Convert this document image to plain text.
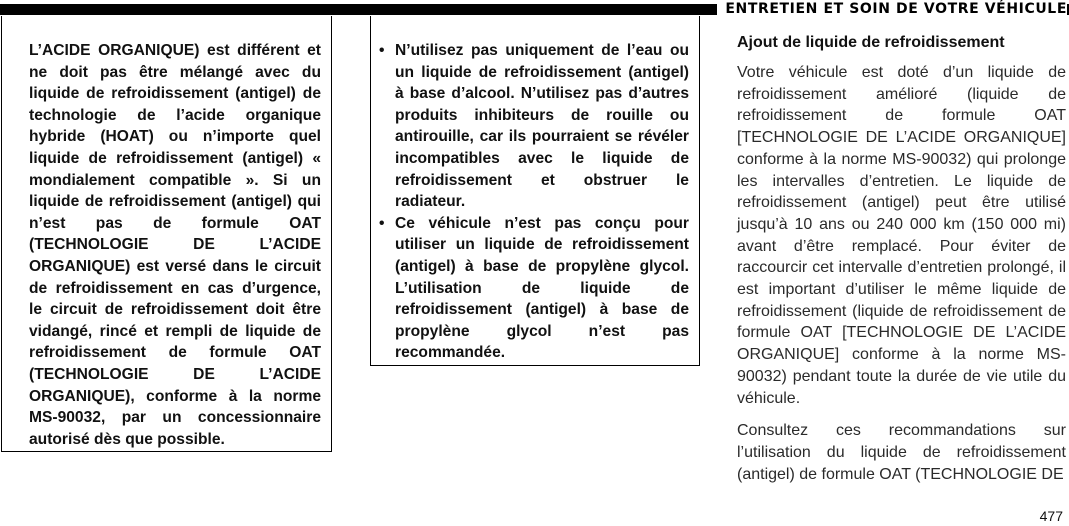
ENTRETIEN ET SOIN DE VOTRE VÉHICULE

L’ACIDE ORGANIQUE) est différent et ne doit pas être mélangé avec du liquide de refroidissement (antigel) de technologie de l’acide organique hybride (HOAT) ou n’importe quel liquide de refroidissement (antigel) « mondialement compatible ». Si un liquide de refroidissement (antigel) qui n’est pas de formule OAT (TECHNOLOGIE DE L’ACIDE ORGANIQUE) est versé dans le circuit de refroidissement en cas d’urgence, le circuit de refroidissement doit être vidangé, rincé et rempli de liquide de refroidissement de formule OAT (TECHNOLOGIE DE L’ACIDE ORGANIQUE), conforme à la norme MS-90032, par un concessionnaire autorisé dès que possible.

• N’utilisez pas uniquement de l’eau ou un liquide de refroidissement (antigel) à base d’alcool. N’utilisez pas d’autres produits inhibiteurs de rouille ou antirouille, car ils pourraient se révéler incompatibles avec le liquide de refroidissement et obstruer le radiateur.
• Ce véhicule n’est pas conçu pour utiliser un liquide de refroidissement (antigel) à base de propylène glycol. L’utilisation de liquide de refroidissement (antigel) à base de propylène glycol n’est pas recommandée.
Ajout de liquide de refroidissement

Votre véhicule est doté d’un liquide de refroidissement amélioré (liquide de refroidissement de formule OAT [TECHNOLOGIE DE L’ACIDE ORGANIQUE] conforme à la norme MS-90032) qui prolonge les intervalles d’entretien. Le liquide de refroidissement (antigel) peut être utilisé jusqu’à 10 ans ou 240 000 km (150 000 mi) avant d’être remplacé. Pour éviter de raccourcir cet intervalle d’entretien prolongé, il est important d’utiliser le même liquide de refroidissement (liquide de refroidissement de formule OAT [TECHNOLOGIE DE L’ACIDE ORGANIQUE] conforme à la norme MS-90032) pendant toute la durée de vie utile du véhicule.

Consultez ces recommandations sur l’utilisation du liquide de refroidissement (antigel) de formule OAT (TECHNOLOGIE DE

477
